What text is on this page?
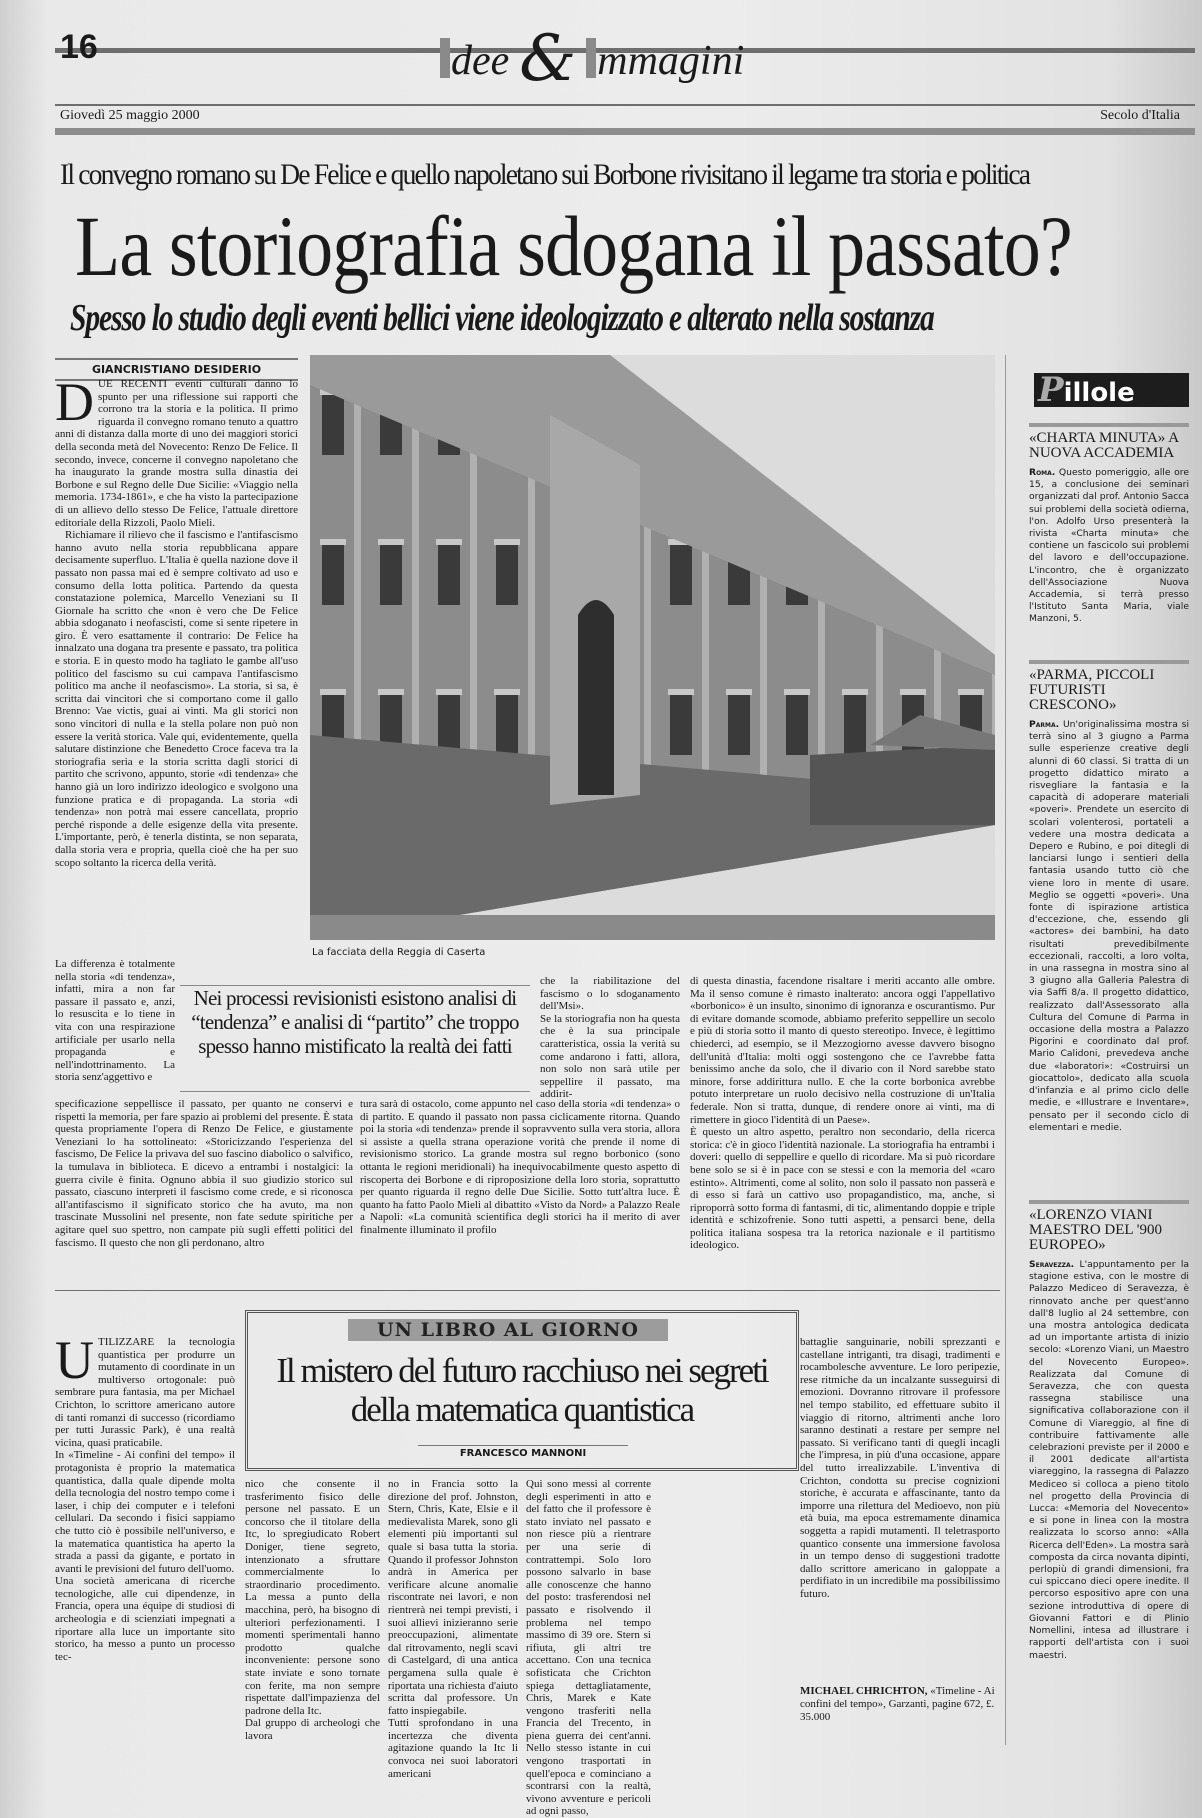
16	dee & mmagini
Giovedì 25 maggio 2000	Secolo d'Italia
Il convegno romano su De Felice e quello napoletano sui Borbone rivisitano il legame tra storia e politica
La storiografia sdogana il passato?
Spesso lo studio degli eventi bellici viene ideologizzato e alterato nella sostanza
GIANCRISTIANO DESIDERIO

DUE RECENTI eventi culturali danno lo spunto per una riflessione sui rapporti che corrono tra la storia e la politica. Il primo riguarda il convegno romano tenuto a quattro anni di distanza dalla morte di uno dei maggiori storici della seconda metà del Novecento: Renzo De Felice. Il secondo, invece, concerne il convegno napoletano che ha inaugurato la grande mostra sulla dinastia dei Borbone e sul Regno delle Due Sicilie: «Viaggio nella memoria. 1734-1861», e che ha visto la partecipazione di un allievo dello stesso De Felice, l'attuale direttore editoriale della Rizzoli, Paolo Mieli.

Richiamare il rilievo che il fascismo e l'antifascismo hanno avuto nella storia repubblicana appare decisamente superfluo. L'Italia è quella nazione dove il passato non passa mai ed è sempre coltivato ad uso e consumo della lotta politica. Partendo da questa constatazione polemica, Marcello Veneziani su Il Giornale ha scritto che «non è vero che De Felice abbia sdoganato i neofascisti, come si sente ripetere in giro. È vero esattamente il contrario: De Felice ha innalzato una dogana tra presente e passato, tra politica e storia. E in questo modo ha tagliato le gambe all'uso politico del fascismo su cui campava l'antifascismo politico ma anche il neofascismo». La storia, si sa, è scritta dai vincitori che si comportano come il gallo Brenno: Vae victis, guai ai vinti. Ma gli storici non sono vincitori di nulla e la stella polare non può non essere la verità storica. Vale qui, evidentemente, quella salutare distinzione che Benedetto Croce faceva tra la storiografia seria e la storia scritta dagli storici di partito che scrivono, appunto, storie «di tendenza» che hanno già un loro indirizzo ideologico e svolgono una funzione pratica e di propaganda. La storia «di tendenza» non potrà mai essere cancellata, proprio perché risponde a delle esigenze della vita presente. L'importante, però, è tenerla distinta, se non separata, dalla storia vera e propria, quella cioè che ha per suo scopo soltanto la ricerca della verità.

La differenza è totalmente nella storia «di tendenza», infatti, mira a non far passare il passato e, anzi, lo resuscita e lo tiene in vita con una respirazione artificiale per usarlo nella propaganda e nell'indottrinamento. La storia senz'aggettivo e
La facciata della Reggia di Caserta
Nei processi revisionisti esistono analisi di “tendenza” e analisi di “partito” che troppo spesso hanno mistificato la realtà dei fatti
che la riabilitazione del fascismo o lo sdoganamento dell'Msi».
Se la storiografia non ha questa che è la sua principale caratteristica, ossia la verità su come andarono i fatti, allora, non solo non sarà utile per seppellire il passato, ma addirit-
specificazione seppellisce il passato, per quanto ne conservi e rispetti la memoria, per fare spazio ai problemi del presente. È stata questa propriamente l'opera di Renzo De Felice, e giustamente Veneziani lo ha sottolineato: «Storicizzando l'esperienza del fascismo, De Felice la privava del suo fascino diabolico o salvifico, la tumulava in biblioteca. E dicevo a entrambi i nostalgici: la guerra civile è finita. Ognuno abbia il suo giudizio storico sul passato, ciascuno interpreti il fascismo come crede, e si riconosca all'antifascismo il significato storico che ha avuto, ma non trascinate Mussolini nel presente, non fate sedute spiritiche per agitare quel suo spettro, non campate più sugli effetti politici del fascismo. Il questo che non gli perdonano, altro
tura sarà di ostacolo, come appunto nel caso della storia «di tendenza» o di partito. E quando il passato non passa ciclicamente ritorna. Quando poi la storia «di tendenza» prende il sopravvento sulla vera storia, allora si assiste a quella strana operazione vorità che prende il nome di revisionismo storico. La grande mostra sul regno borbonico (sono ottanta le regioni meridionali) ha inequivocabilmente questo aspetto di riscoperta dei Borbone e di riproposizione della loro storia, soprattutto per quanto riguarda il regno delle Due Sicilie. Sotto tutt'altra luce. È quanto ha fatto Paolo Mieli al dibattito «Visto da Nord» a Palazzo Reale a Napoli: «La comunità scientifica degli storici ha il merito di aver finalmente illuminato il profilo
di questa dinastia, facendone risaltare i meriti accanto alle ombre. Ma il senso comune è rimasto inalterato: ancora oggi l'appellativo «borbonico» è un insulto, sinonimo di ignoranza e oscurantismo. Pur di evitare domande scomode, abbiamo preferito seppellire un secolo e più di storia sotto il manto di questo stereotipo. Invece, è legittimo chiederci, ad esempio, se il Mezzogiorno avesse davvero bisogno dell'unità d'Italia: molti oggi sostengono che ce l'avrebbe fatta benissimo anche da solo, che il divario con il Nord sarebbe stato minore, forse addirittura nullo. E che la corte borbonica avrebbe potuto interpretare un ruolo decisivo nella costruzione di un'Italia federale. Non si tratta, dunque, di rendere onore ai vinti, ma di rimettere in gioco l'identità di un Paese».
È questo un altro aspetto, peraltro non secondario, della ricerca storica: c'è in gioco l'identità nazionale. La storiografia ha entrambi i doveri: quello di seppellire e quello di ricordare. Ma si può ricordare bene solo se si è in pace con se stessi e con la memoria del «caro estinto». Altrimenti, come al solito, non solo il passato non passerà e di esso si farà un cattivo uso propagandistico, ma, anche, si riproporrà sotto forma di fantasmi, di tic, alimentando doppie e triple identità e schizofrenie. Sono tutti aspetti, a pensarci bene, della politica italiana sospesa tra la retorica nazionale e il partitismo ideologico.
Pillole
«CHARTA MINUTA» A NUOVA ACCADEMIA
Roma. Questo pomeriggio, alle ore 15, a conclusione dei seminari organizzati dal prof. Antonio Sacca sui problemi della società odierna, l'on. Adolfo Urso presenterà la rivista «Charta minuta» che contiene un fascicolo sui problemi del lavoro e dell'occupazione. L'incontro, che è organizzato dell'Associazione Nuova Accademia, si terrà presso l'Istituto Santa Maria, viale Manzoni, 5.
«PARMA, PICCOLI FUTURISTI CRESCONO»
Parma. Un'originalissima mostra si terrà sino al 3 giugno a Parma sulle esperienze creative degli alunni di 60 classi. Si tratta di un progetto didattico mirato a risvegliare la fantasia e la capacità di adoperare materiali «poveri». Prendete un esercito di scolari volenterosi, portateli a vedere una mostra dedicata a Depero e Rubino, e poi ditegli di lanciarsi lungo i sentieri della fantasia usando tutto ciò che viene loro in mente di usare. Meglio se oggetti «poveri». Una fonte di ispirazione artistica d'eccezione, che, essendo gli «actores» dei bambini, ha dato risultati prevedibilmente eccezionali, raccolti, a loro volta, in una rassegna in mostra sino al 3 giugno alla Galleria Palestra di via Saffi 8/a. Il progetto didattico, realizzato dall'Assessorato alla Cultura del Comune di Parma in occasione della mostra a Palazzo Pigorini e coordinato dal prof. Mario Calidoni, prevedeva anche due «laboratori»: «Costruirsi un giocattolo», dedicato alla scuola d'infanzia e al primo ciclo delle medie, e «Illustrare e Inventare», pensato per il secondo ciclo di elementari e medie.
«LORENZO VIANI MAESTRO DEL '900 EUROPEO»
Seravezza. L'appuntamento per la stagione estiva, con le mostre di Palazzo Mediceo di Seravezza, è rinnovato anche per quest'anno dall'8 luglio al 24 settembre, con una mostra antologica dedicata ad un importante artista di inizio secolo: «Lorenzo Viani, un Maestro del Novecento Europeo». Realizzata dal Comune di Seravezza, che con questa rassegna stabilisce una significativa collaborazione con il Comune di Viareggio, al fine di contribuire fattivamente alle celebrazioni previste per il 2000 e il 2001 dedicate all'artista viareggino, la rassegna di Palazzo Mediceo si colloca a pieno titolo nel progetto della Provincia di Lucca: «Memoria del Novecento» e si pone in linea con la mostra realizzata lo scorso anno: «Alla Ricerca dell'Eden». La mostra sarà composta da circa novanta dipinti, perlopiù di grandi dimensioni, fra cui spiccano dieci opere inedite. Il percorso espositivo apre con una sezione introduttiva di opere di Giovanni Fattori e di Plinio Nomellini, intesa ad illustrare i rapporti dell'artista con i suoi maestri.
UTILIZZARE la tecnologia quantistica per produrre un mutamento di coordinate in un multiverso ortogonale: può sembrare pura fantasia, ma per Michael Crichton, lo scrittore americano autore di tanti romanzi di successo (ricordiamo per tutti Jurassic Park), è una realtà vicina, quasi praticabile.
In «Timeline - Ai confini del tempo» il protagonista è proprio la matematica quantistica, dalla quale dipende molta della tecnologia del nostro tempo come i laser, i chip dei computer e i telefoni cellulari. Da secondo i fisici sappiamo che tutto ciò è possibile nell'universo, e la matematica quantistica ha aperto la strada a passi da gigante, e portato in avanti le previsioni del futuro dell'uomo.
Una società americana di ricerche tecnologiche, alle cui dipendenze, in Francia, opera una équipe di studiosi di archeologia e di scienziati impegnati a riportare alla luce un importante sito storico, ha messo a punto un processo tec-
UN LIBRO AL GIORNO
Il mistero del futuro racchiuso nei segreti della matematica quantistica
FRANCESCO MANNONI
nico che consente il trasferimento fisico delle persone nel passato. E un concorso che il titolare della Itc, lo spregiudicato Robert Doniger, tiene segreto, intenzionato a sfruttare commercialmente lo straordinario procedimento. La messa a punto della macchina, però, ha bisogno di ulteriori perfezionamenti. I momenti sperimentali hanno prodotto qualche inconveniente: persone sono state inviate e sono tornate con ferite, ma non sempre rispettate dall'impazienza del padrone della Itc.
Dal gruppo di archeologi che lavora
no in Francia sotto la direzione del prof. Johnston, Stern, Chris, Kate, Elsie e il medievalista Marek, sono gli elementi più importanti sul quale si basa tutta la storia. Quando il professor Johnston andrà in America per verificare alcune anomalie riscontrate nei lavori, e non rientrerà nei tempi previsti, i suoi allievi inizieranno serie preoccupazioni, alimentate dal ritrovamento, negli scavi di Castelgard, di una antica pergamena sulla quale è riportata una richiesta d'aiuto scritta dal professore. Un fatto inspiegabile.
Tutti sprofondano in una incertezza che diventa agitazione quando la Itc li convoca nei suoi laboratori americani
Qui sono messi al corrente degli esperimenti in atto e del fatto che il professore è stato inviato nel passato e non riesce più a rientrare per una serie di contrattempi. Solo loro possono salvarlo in base alle conoscenze che hanno del posto: trasferendosi nel passato e risolvendo il problema nel tempo massimo di 39 ore. Stern si rifiuta, gli altri tre accettano. Con una tecnica sofisticata che Crichton spiega dettagliatamente, Chris, Marek e Kate vengono trasferiti nella Francia del Trecento, in piena guerra dei cent'anni. Nello stesso istante in cui vengono trasportati in quell'epoca e cominciano a scontrarsi con la realtà, vivono avventure e pericoli ad ogni passo,
battaglie sanguinarie, nobili sprezzanti e castellane intriganti, tra disagi, tradimenti e rocambolesche avventure. Le loro peripezie, rese ritmiche da un incalzante susseguirsi di emozioni. Dovranno ritrovare il professore nel tempo stabilito, ed effettuare subito il viaggio di ritorno, altrimenti anche loro saranno destinati a restare per sempre nel passato. Si verificano tanti di quegli incagli che l'impresa, in più d'una occasione, appare del tutto irrealizzabile. L'inventiva di Crichton, condotta su precise cognizioni storiche, è accurata e affascinante, tanto da imporre una rilettura del Medioevo, non più età buia, ma epoca estremamente dinamica soggetta a rapidi mutamenti. Il teletrasporto quantico consente una immersione favolosa in un tempo denso di suggestioni tradotte dallo scrittore americano in galoppate a perdifiato in un incredibile ma possibilissimo futuro.
MICHAEL CHRICHTON, «Timeline - Ai confini del tempo», Garzanti, pagine 672, £. 35.000
